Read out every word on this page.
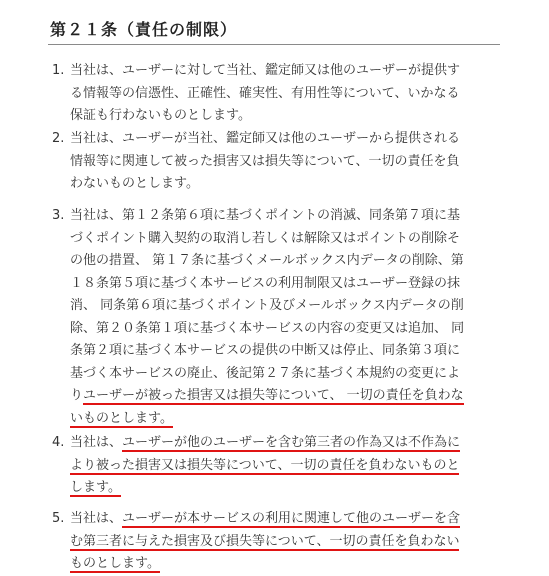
第２１条（責任の制限）
1. 当社は、ユーザーに対して当社、鑑定師又は他のユーザーが提供す
る情報等の信憑性、正確性、確実性、有用性等について、いかなる
保証も行わないものとします。
2. 当社は、ユーザーが当社、鑑定師又は他のユーザーから提供される
情報等に関連して被った損害又は損失等について、一切の責任を負
わないものとします。
3. 当社は、第１２条第６項に基づくポイントの消滅、同条第７項に基
づくポイント購入契約の取消し若しくは解除又はポイントの削除そ
の他の措置、 第１７条に基づくメールボックス内データの削除、第
１８条第５項に基づく本サービスの利用制限又はユーザー登録の抹
消、 同条第６項に基づくポイント及びメールボックス内データの削
除、第２０条第１項に基づく本サービスの内容の変更又は追加、 同
条第２項に基づく本サービスの提供の中断又は停止、同条第３項に
基づく本サービスの廃止、後記第２７条に基づく本規約の変更によ
りユーザーが被った損害又は損失等について、 一切の責任を負わな
いものとします。
4. 当社は、ユーザーが他のユーザーを含む第三者の作為又は不作為に
より被った損害又は損失等について、一切の責任を負わないものと
します。
5. 当社は、ユーザーが本サービスの利用に関連して他のユーザーを含
む第三者に与えた損害及び損失等について、一切の責任を負わない
ものとします。
